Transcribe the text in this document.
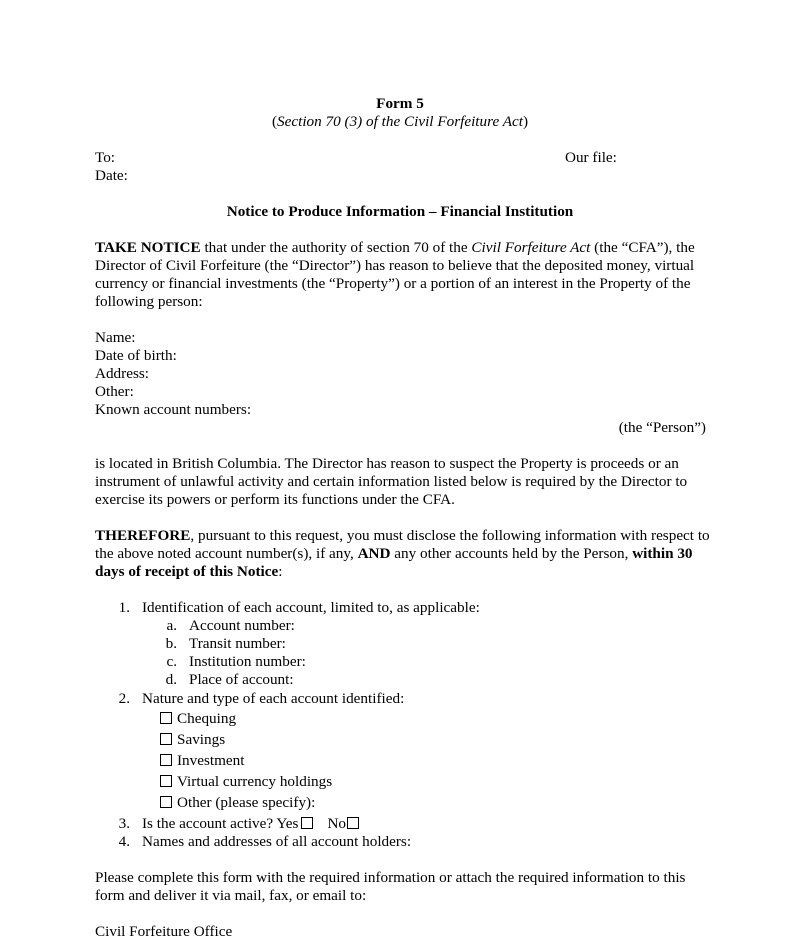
Form 5
(Section 70 (3) of the Civil Forfeiture Act)
To:	Our file:
Date:
Notice to Produce Information – Financial Institution
TAKE NOTICE that under the authority of section 70 of the Civil Forfeiture Act (the “CFA”), the Director of Civil Forfeiture (the “Director”) has reason to believe that the deposited money, virtual currency or financial investments (the “Property”) or a portion of an interest in the Property of the following person:
Name:
Date of birth:
Address:
Other:
Known account numbers:
(the “Person”)
is located in British Columbia. The Director has reason to suspect the Property is proceeds or an instrument of unlawful activity and certain information listed below is required by the Director to exercise its powers or perform its functions under the CFA.
THEREFORE, pursuant to this request, you must disclose the following information with respect to the above noted account number(s), if any, AND any other accounts held by the Person, within 30 days of receipt of this Notice:
1. Identification of each account, limited to, as applicable:
a. Account number:
b. Transit number:
c. Institution number:
d. Place of account:
2. Nature and type of each account identified:
Chequing
Savings
Investment
Virtual currency holdings
Other (please specify):
3. Is the account active? Yes No
4. Names and addresses of all account holders:
Please complete this form with the required information or attach the required information to this form and deliver it via mail, fax, or email to:
Civil Forfeiture Office
